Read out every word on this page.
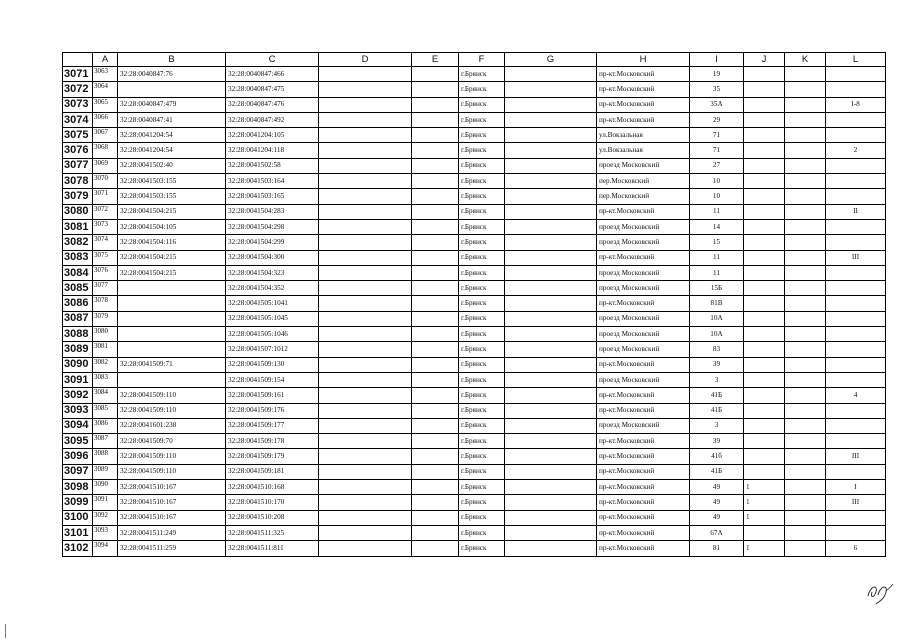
	A	B	C	D	E	F	G	H	I	J	K	L
3071	3063	32:28:0040847:76	32:28:0040847:466			г.Брянск		пр-кт.Московский	19			
3072	3064		32:28:0040847:475			г.Брянск		пр-кт.Московский	35			
3073	3065	32:28:0040847:479	32:28:0040847:476			г.Брянск		пр-кт.Московский	35А			I-8
3074	3066	32:28:0040847:41	32:28:0040847:492			г.Брянск		пр-кт.Московский	29			
3075	3067	32:28:0041204:54	32:28:0041204:105			г.Брянск		ул.Вокзальная	71			
3076	3068	32:28:0041204:54	32:28:0041204:118			г.Брянск		ул.Вокзальная	71			2
3077	3069	32:28:0041502:40	32:28:0041502:58			г.Брянск		проезд Московский	27			
3078	3070	32:28:0041503:155	32:28:0041503:164			г.Брянск		пер.Московский	10			
3079	3071	32:28:0041503:155	32:28:0041503:165			г.Брянск		пер.Московский	10			
3080	3072	32:28:0041504:215	32:28:0041504:283			г.Брянск		пр-кт.Московский	11			II
3081	3073	32:28:0041504:105	32:28:0041504:298			г.Брянск		проезд Московский	14			
3082	3074	32:28:0041504:116	32:28:0041504:299			г.Брянск		проезд Московский	15			
3083	3075	32:28:0041504:215	32:28:0041504:300			г.Брянск		пр-кт.Московский	11			III
3084	3076	32:28:0041504:215	32:28:0041504:323			г.Брянск		проезд Московский	11			
3085	3077		32:28:0041504:352			г.Брянск		проезд Московский	15Б			
3086	3078		32:28:0041505:1041			г.Брянск		пр-кт.Московский	81В			
3087	3079		32:28:0041505:1045			г.Брянск		проезд Московский	10А			
3088	3080		32:28:0041505:1046			г.Брянск		проезд Московский	10А			
3089	3081		32:28:0041507:1012			г.Брянск		проезд Московский	83			
3090	3082	32:28:0041509:71	32:28:0041509:130			г.Брянск		пр-кт.Московский	39			
3091	3083		32:28:0041509:154			г.Брянск		проезд Московский	3			
3092	3084	32:28:0041509:110	32:28:0041509:161			г.Брянск		пр-кт.Московский	41Б			4
3093	3085	32:28:0041509:110	32:28:0041509:176			г.Брянск		пр-кт.Московский	41Б			
3094	3086	32:28:0041601:238	32:28:0041509:177			г.Брянск		проезд Московский	3			
3095	3087	32:28:0041509:70	32:28:0041509:178			г.Брянск		пр-кт.Московский	39			
3096	3088	32:28:0041509:110	32:28:0041509:179			г.Брянск		пр-кт.Московский	41б			III
3097	3089	32:28:0041509:110	32:28:0041509:181			г.Брянск		пр-кт.Московский	41Б			
3098	3090	32:28:0041510:167	32:28:0041510:168			г.Брянск		пр-кт.Московский	49	1		I
3099	3091	32:28:0041510:167	32:28:0041510:170			г.Брянск		пр-кт.Московский	49	1		III
3100	3092	32:28:0041510:167	32:28:0041510:208			г.Брянск		пр-кт.Московский	49	1		
3101	3093	32:28:0041511:249	32:28:0041511:325			г.Брянск		пр-кт.Московский	67А			
3102	3094	32:28:0041511:259	32:28:0041511:811			г.Брянск		пр-кт.Московский	81	1		6
